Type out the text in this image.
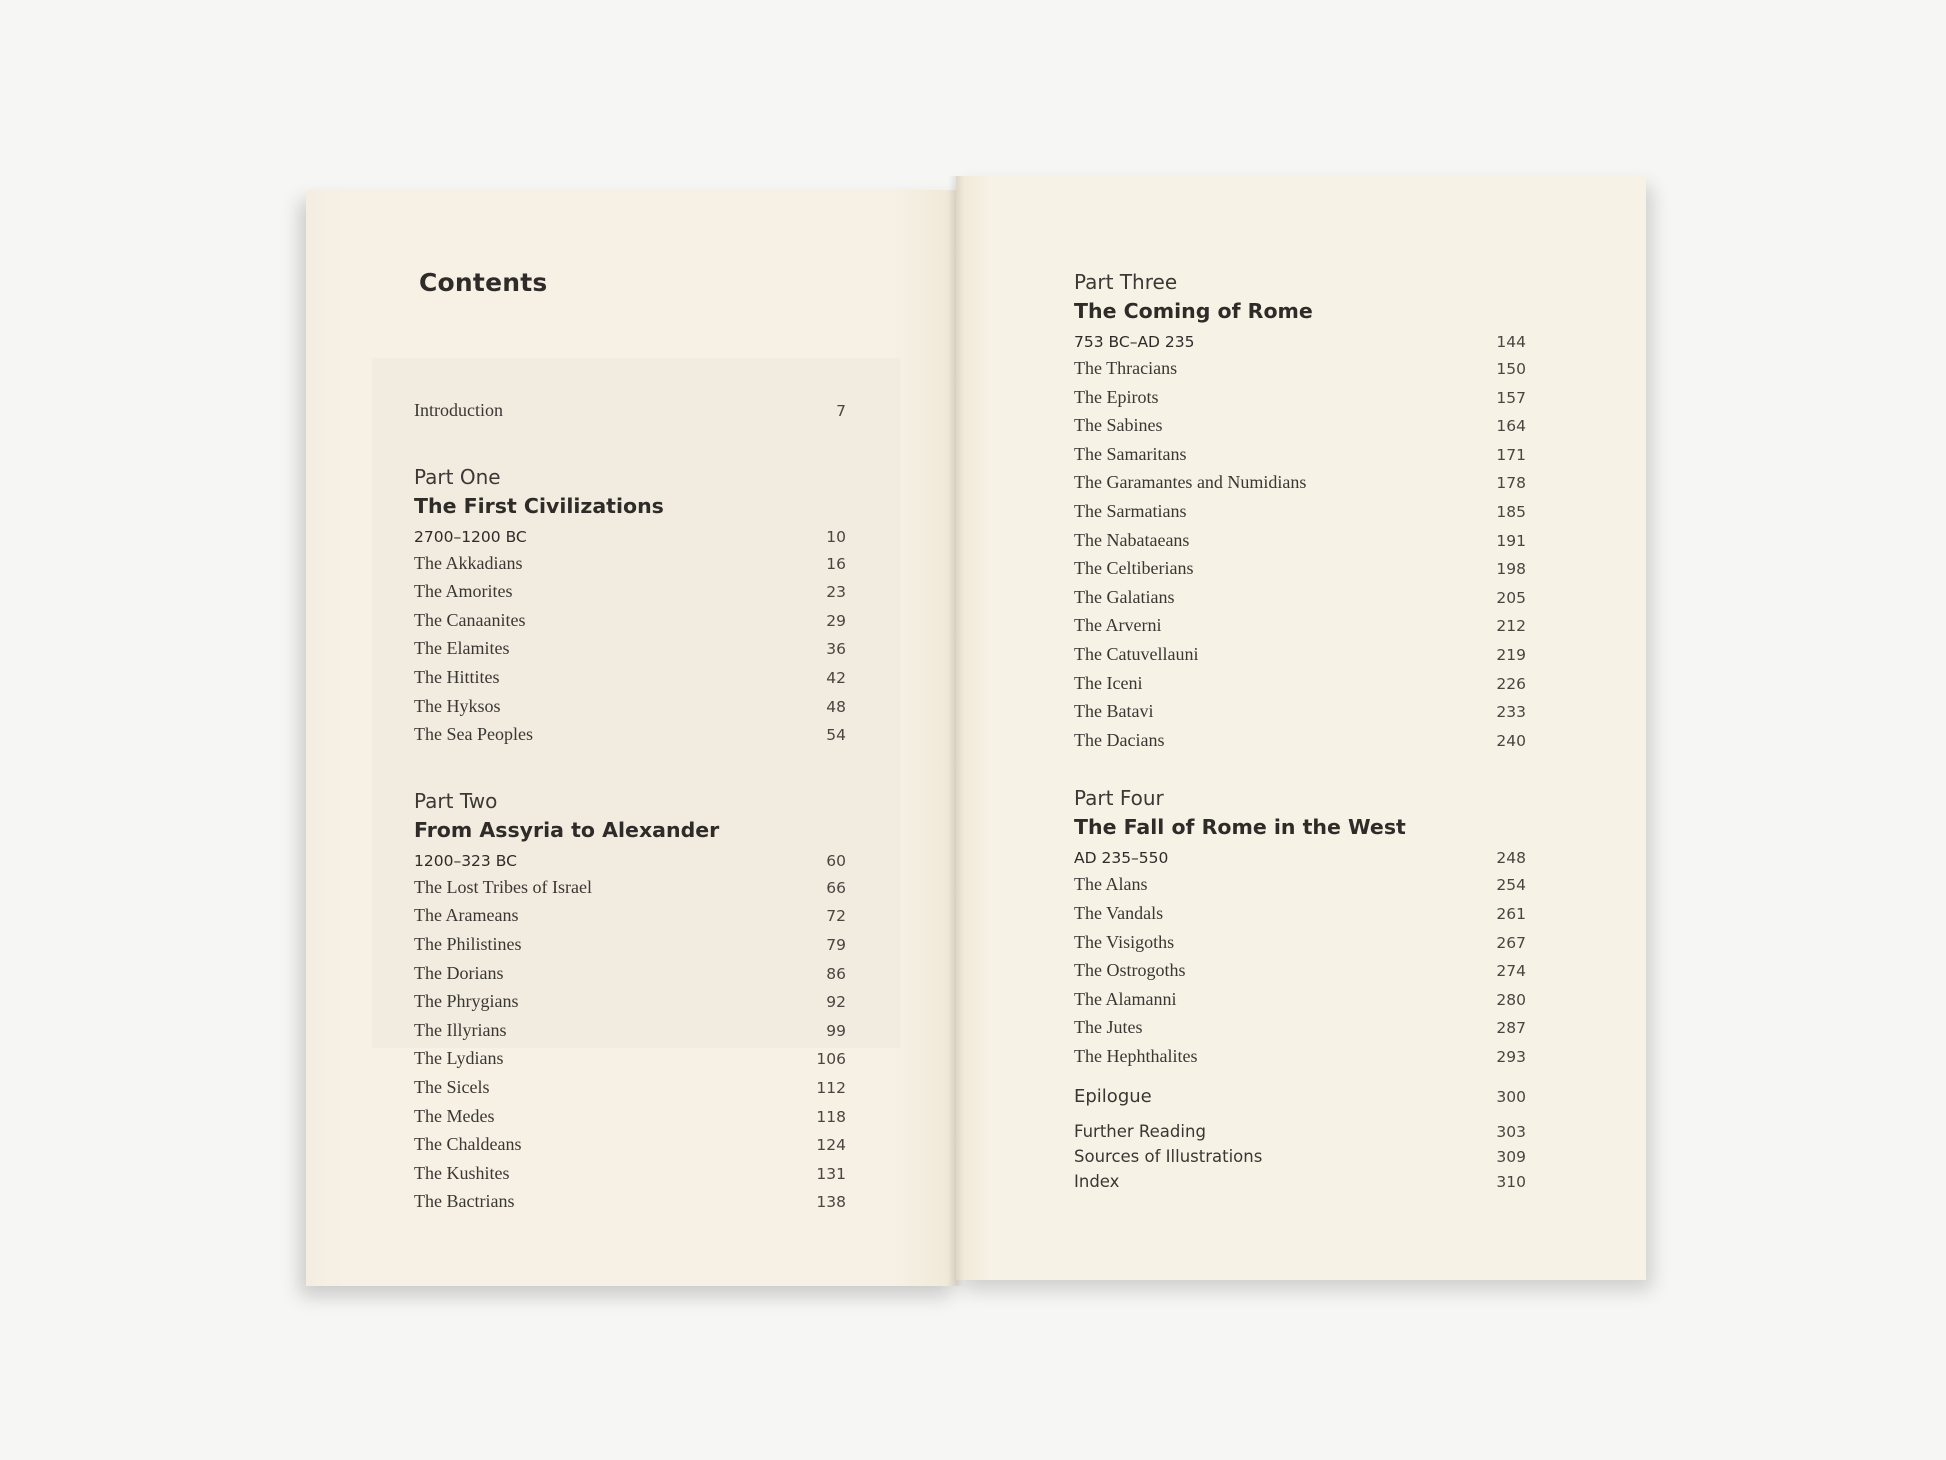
Contents
Introduction	7
Part One
The First Civilizations
2700–1200 BC	10
The Akkadians	16
The Amorites	23
The Canaanites	29
The Elamites	36
The Hittites	42
The Hyksos	48
The Sea Peoples	54
Part Two
From Assyria to Alexander
1200–323 BC	60
The Lost Tribes of Israel	66
The Arameans	72
The Philistines	79
The Dorians	86
The Phrygians	92
The Illyrians	99
The Lydians	106
The Sicels	112
The Medes	118
The Chaldeans	124
The Kushites	131
The Bactrians	138
Part Three
The Coming of Rome
753 BC–AD 235	144
The Thracians	150
The Epirots	157
The Sabines	164
The Samaritans	171
The Garamantes and Numidians	178
The Sarmatians	185
The Nabataeans	191
The Celtiberians	198
The Galatians	205
The Arverni	212
The Catuvellauni	219
The Iceni	226
The Batavi	233
The Dacians	240
Part Four
The Fall of Rome in the West
AD 235–550	248
The Alans	254
The Vandals	261
The Visigoths	267
The Ostrogoths	274
The Alamanni	280
The Jutes	287
The Hephthalites	293
Epilogue	300
Further Reading	303
Sources of Illustrations	309
Index	310
